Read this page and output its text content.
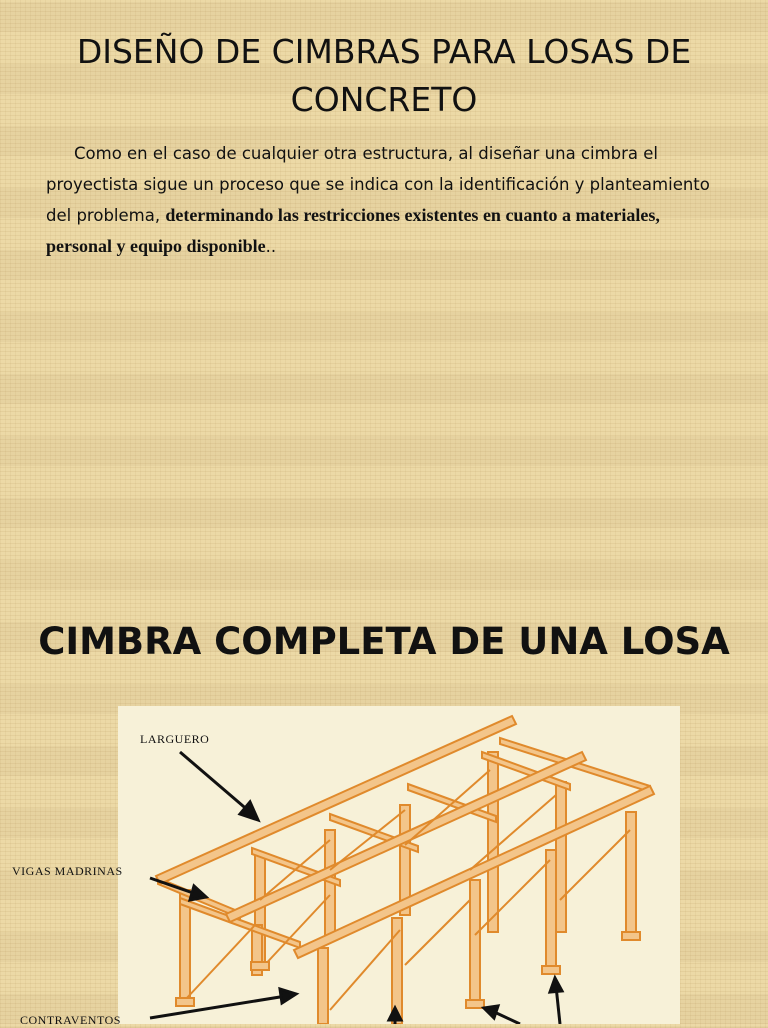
DISEÑO DE CIMBRAS PARA LOSAS DE CONCRETO
Como en el caso de cualquier otra estructura, al diseñar una cimbra el proyectista sigue un proceso que se indica con la identificación y planteamiento del problema, determinando las restricciones existentes en cuanto a materiales, personal y equipo disponible..
CIMBRA COMPLETA DE UNA LOSA
LARGUERO
VIGAS MADRINAS
CONTRAVENTOS
